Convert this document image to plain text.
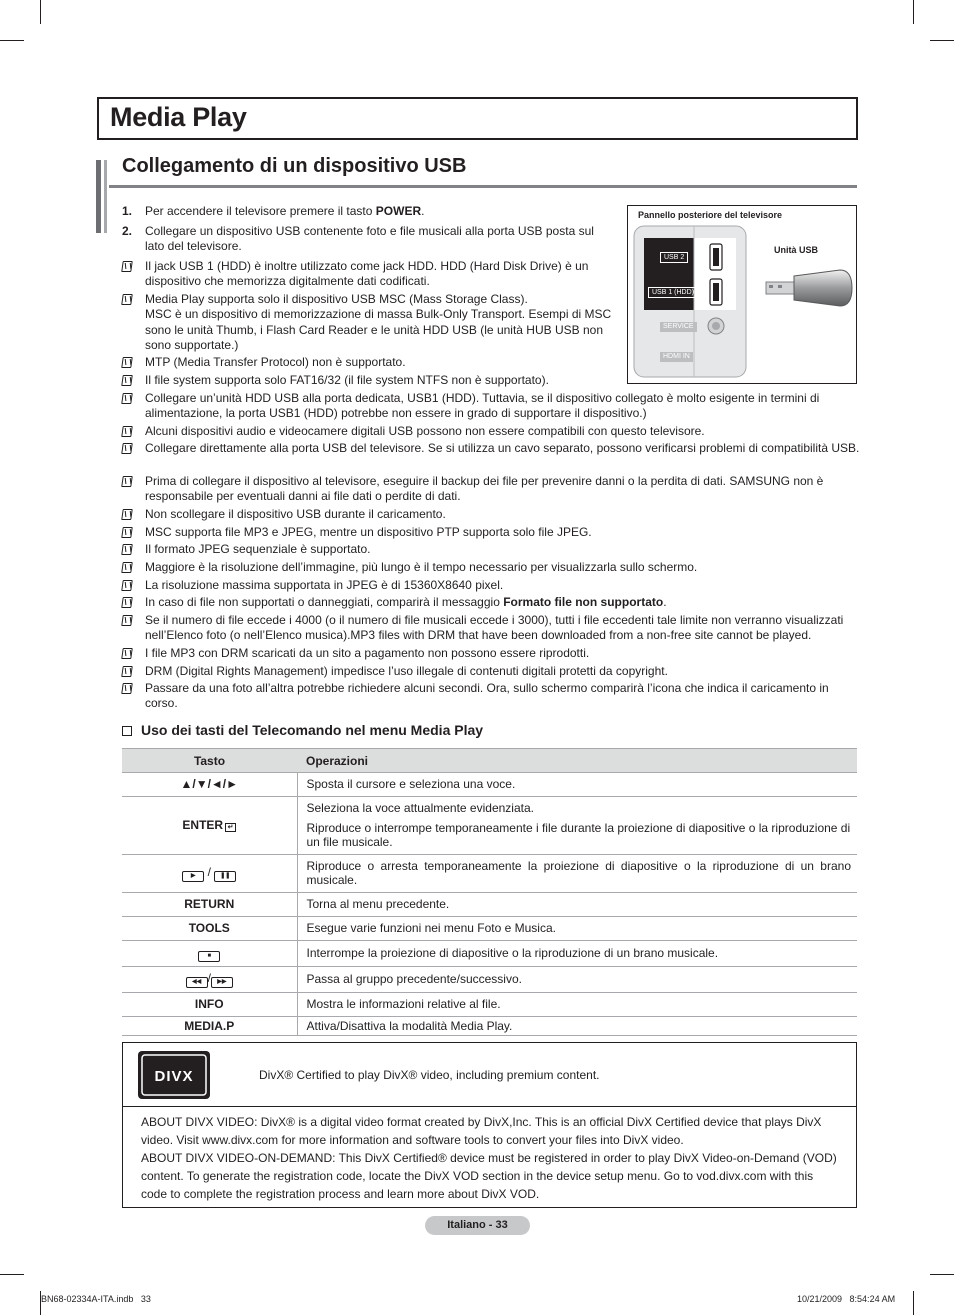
Media Play
Collegamento di un dispositivo USB
1.	Per accendere il televisore premere il tasto POWER.
2.	Collegare un dispositivo USB contenente foto e file musicali alla porta USB posta sul lato del televisore.
Il jack USB 1 (HDD) è inoltre utilizzato come jack HDD. HDD (Hard Disk Drive) è un dispositivo che memorizza digitalmente dati codificati.
Media Play supporta solo il dispositivo USB MSC (Mass Storage Class).
MSC è un dispositivo di memorizzazione di massa Bulk-Only Transport. Esempi di MSC sono le unità Thumb, i Flash Card Reader e le unità HDD USB (le unità HUB USB non sono supportate.)
MTP (Media Transfer Protocol) non è supportato.
Il file system supporta solo FAT16/32 (il file system NTFS non è supportato).
Collegare un’unità HDD USB alla porta dedicata, USB1 (HDD). Tuttavia, se il dispositivo collegato è molto esigente in termini di alimentazione, la porta USB1 (HDD) potrebbe non essere in grado di supportare il dispositivo.)
Alcuni dispositivi audio e videocamere digitali USB possono non essere compatibili con questo televisore.
Collegare direttamente alla porta USB del televisore. Se si utilizza un cavo separato, possono verificarsi problemi di compatibilità USB.
Prima di collegare il dispositivo al televisore, eseguire il backup dei file per prevenire danni o la perdita di dati. SAMSUNG non è responsabile per eventuali danni ai file dati o perdite di dati.
Non scollegare il dispositivo USB durante il caricamento.
MSC supporta file MP3 e JPEG, mentre un dispositivo PTP supporta solo file JPEG.
Il formato JPEG sequenziale è supportato.
Maggiore è la risoluzione dell’immagine, più lungo è il tempo necessario per visualizzarla sullo schermo.
La risoluzione massima supportata in JPEG è di 15360X8640 pixel.
In caso di file non supportati o danneggiati, comparirà il messaggio Formato file non supportato.
Se il numero di file eccede i 4000 (o il numero di file musicali eccede i 3000), tutti i file eccedenti tale limite non verranno visualizzati nell’Elenco foto (o nell’Elenco musica).MP3 files with DRM that have been downloaded from a non-free site cannot be played.
I file MP3 con DRM scaricati da un sito a pagamento non possono essere riprodotti.
DRM (Digital Rights Management) impedisce l’uso illegale di contenuti digitali protetti da copyright.
Passare da una foto all’altra potrebbe richiedere alcuni secondi. Ora, sullo schermo comparirà l’icona che indica il caricamento in corso.
Pannello posteriore del televisore
Unità USB
USB 2
USB 1 (HDD)
SERVICE
HDMI IN
Uso dei tasti del Telecomando nel menu Media Play
Tasto	Operazioni
▲/▼/◄/►	Sposta il cursore e seleziona una voce.
ENTER ↵	Seleziona la voce attualmente evidenziata.
Riproduce o interrompe temporaneamente i file durante la proiezione di diapositive o la riproduzione di un file musicale.

▶ / ❚❚	Riproduce o arresta temporaneamente la proiezione di diapositive o la riproduzione di un brano musicale.
RETURN	Torna al menu precedente.
TOOLS	Esegue varie funzioni nei menu Foto e Musica.
■	Interrompe la proiezione di diapositive o la riproduzione di un brano musicale.
◀◀ / ▶▶	Passa al gruppo precedente/successivo.
INFO	Mostra le informazioni relative al file.
MEDIA.P	Attiva/Disattiva la modalità Media Play.
DIVX	DivX® Certified to play DivX® video, including premium content.
ABOUT DIVX VIDEO: DivX® is a digital video format created by DivX,Inc. This is an official DivX Certified device that plays DivX video. Visit www.divx.com for more information and software tools to convert your files into DivX video.
ABOUT DIVX VIDEO-ON-DEMAND: This DivX Certified® device must be registered in order to play DivX Video-on-Demand (VOD) content. To generate the registration code, locate the DivX VOD section in the device setup menu. Go to vod.divx.com with this code to complete the registration process and learn more about DivX VOD.
Italiano - 33
BN68-02334A-ITA.indb   33	10/21/2009   8:54:24 AM
